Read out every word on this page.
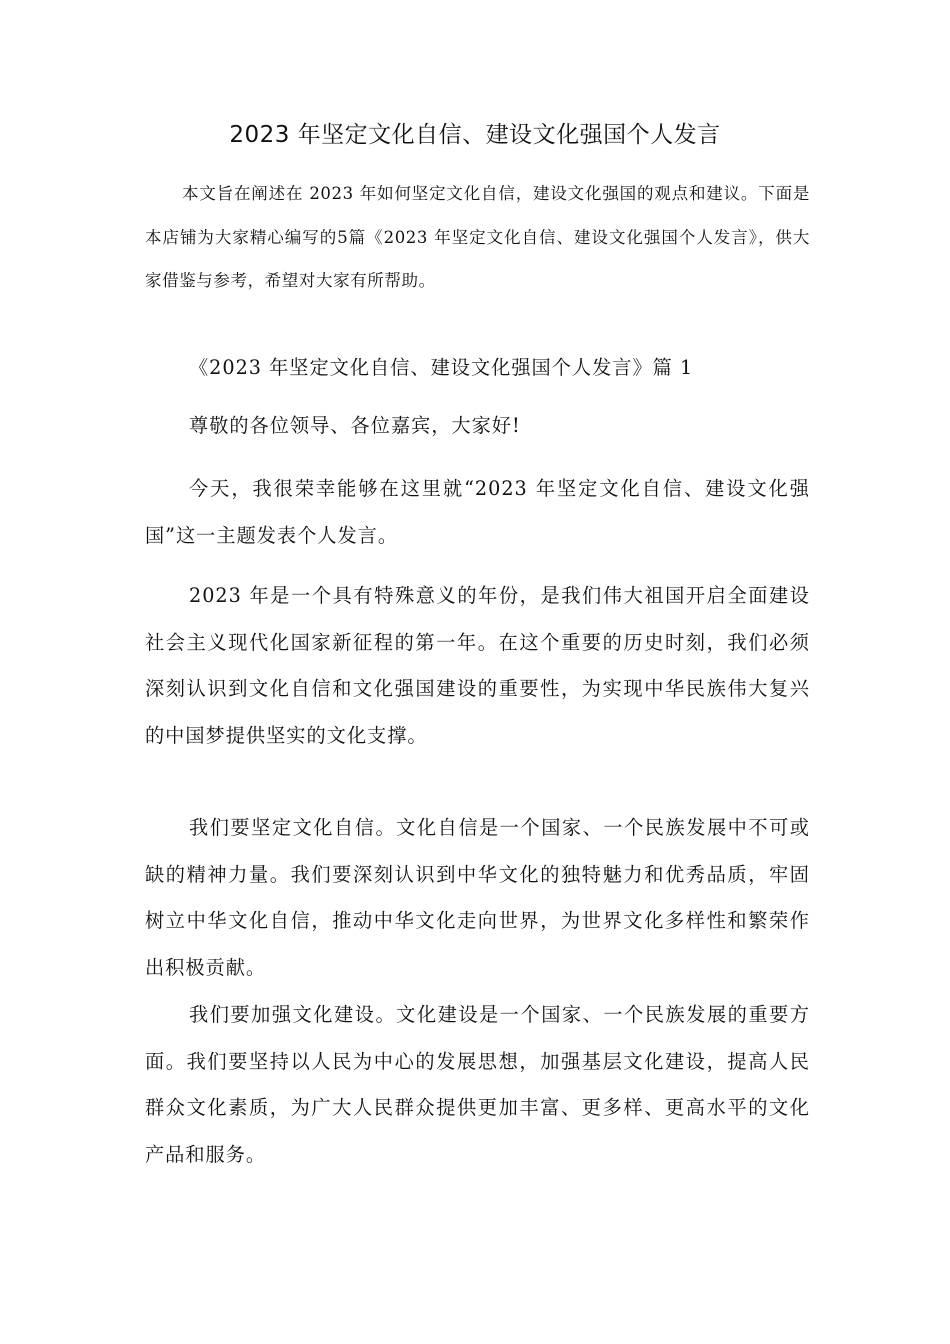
2023 年坚定文化自信、建设文化强国个人发言

本文旨在阐述在 2023 年如何坚定文化自信，建设文化强国的观点和建议。下面是本店铺为大家精心编写的5篇《2023 年坚定文化自信、建设文化强国个人发言》，供大家借鉴与参考，希望对大家有所帮助。

《2023 年坚定文化自信、建设文化强国个人发言》篇 1

尊敬的各位领导、各位嘉宾，大家好!

今天，我很荣幸能够在这里就“2023 年坚定文化自信、建设文化强国”这一主题发表个人发言。

2023 年是一个具有特殊意义的年份，是我们伟大祖国开启全面建设社会主义现代化国家新征程的第一年。在这个重要的历史时刻，我们必须深刻认识到文化自信和文化强国建设的重要性，为实现中华民族伟大复兴的中国梦提供坚实的文化支撑。

我们要坚定文化自信。文化自信是一个国家、一个民族发展中不可或缺的精神力量。我们要深刻认识到中华文化的独特魅力和优秀品质，牢固树立中华文化自信，推动中华文化走向世界，为世界文化多样性和繁荣作出积极贡献。

我们要加强文化建设。文化建设是一个国家、一个民族发展的重要方面。我们要坚持以人民为中心的发展思想，加强基层文化建设，提高人民群众文化素质，为广大人民群众提供更加丰富、更多样、更高水平的文化产品和服务。
